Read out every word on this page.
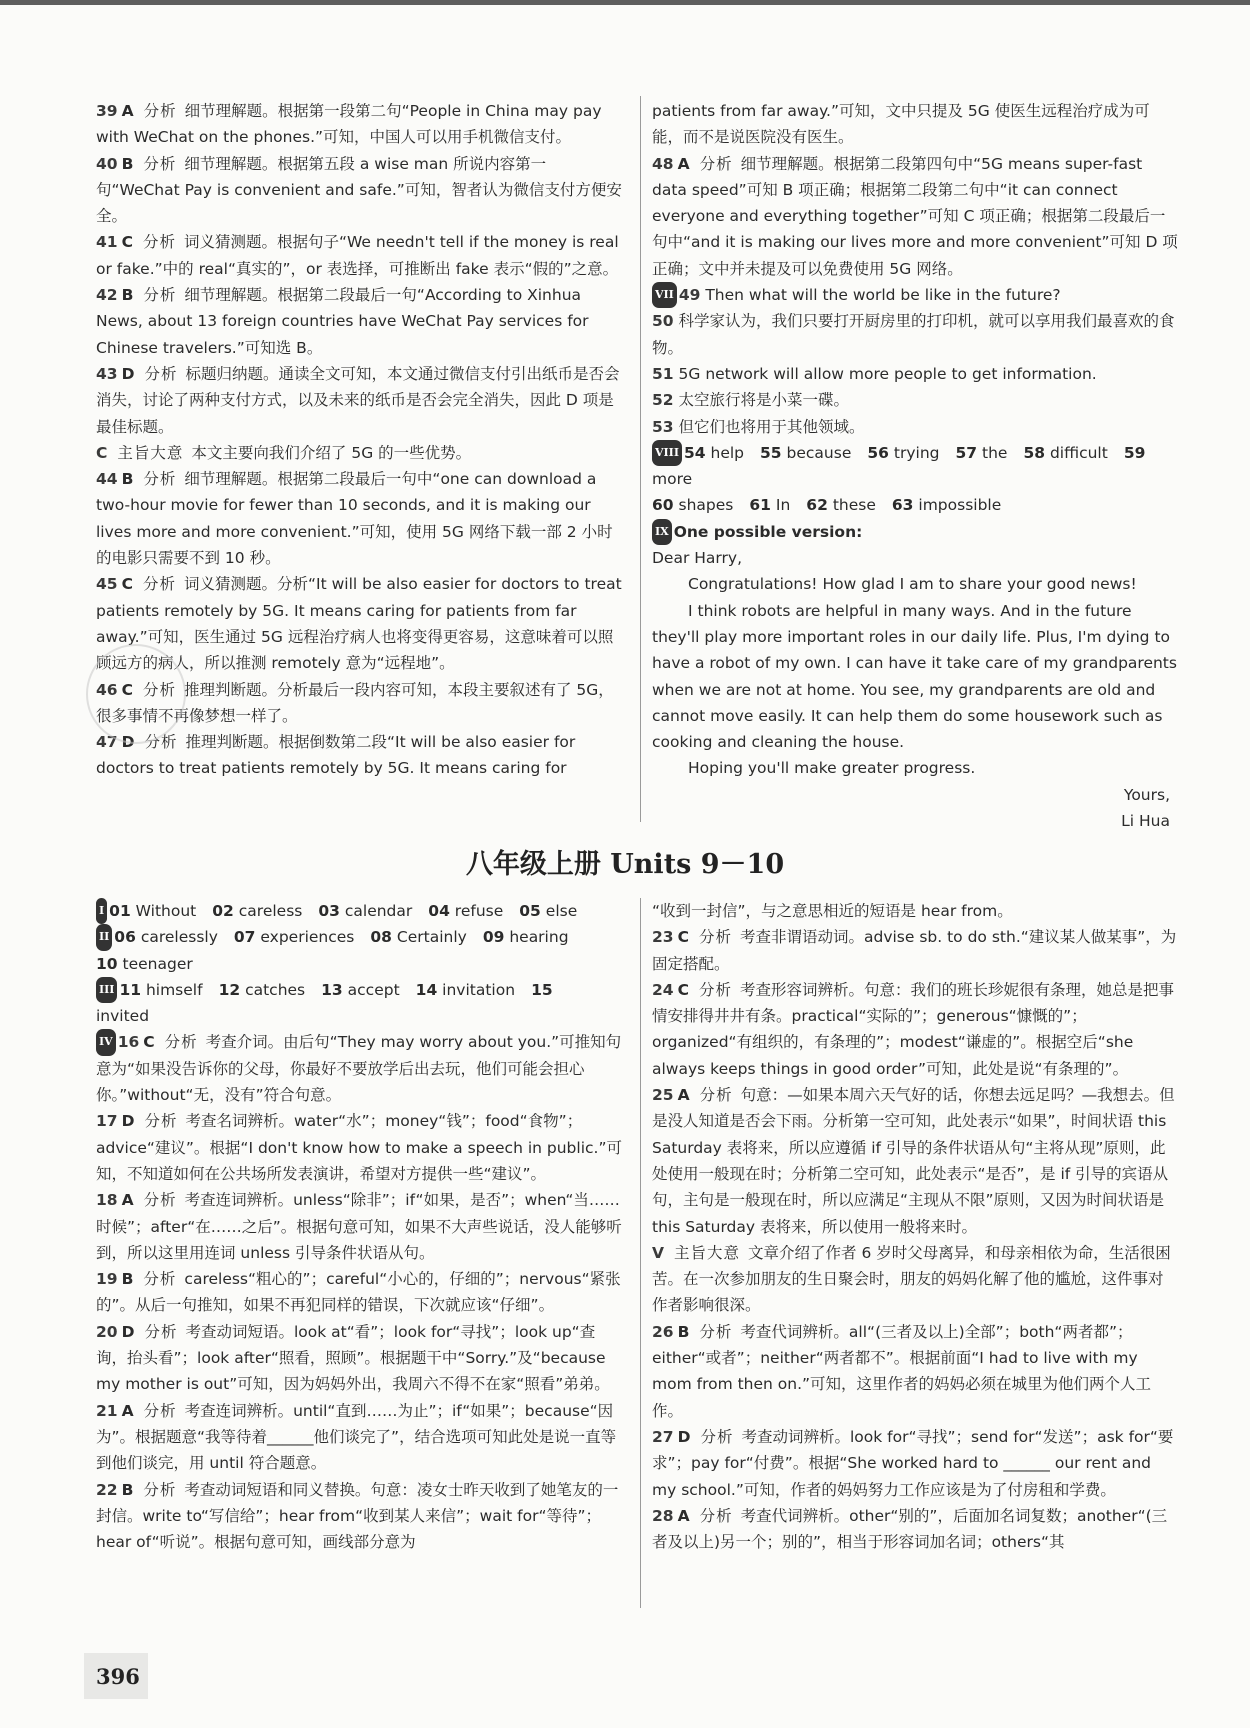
39 A 分析 细节理解题。根据第一段第二句“People in China may pay with WeChat on the phones.”可知，中国人可以用手机微信支付。

40 B 分析 细节理解题。根据第五段 a wise man 所说内容第一句“WeChat Pay is convenient and safe.”可知，智者认为微信支付方便安全。

41 C 分析 词义猜测题。根据句子“We needn't tell if the money is real or fake.”中的 real“真实的”，or 表选择，可推断出 fake 表示“假的”之意。

42 B 分析 细节理解题。根据第二段最后一句“According to Xinhua News, about 13 foreign countries have WeChat Pay services for Chinese travelers.”可知选 B。

43 D 分析 标题归纳题。通读全文可知，本文通过微信支付引出纸币是否会消失，讨论了两种支付方式，以及未来的纸币是否会完全消失，因此 D 项是最佳标题。

C 主旨大意 本文主要向我们介绍了 5G 的一些优势。

44 B 分析 细节理解题。根据第二段最后一句中“one can download a two-hour movie for fewer than 10 seconds, and it is making our lives more and more convenient.”可知，使用 5G 网络下载一部 2 小时的电影只需要不到 10 秒。

45 C 分析 词义猜测题。分析“It will be also easier for doctors to treat patients remotely by 5G. It means caring for patients from far away.”可知，医生通过 5G 远程治疗病人也将变得更容易，这意味着可以照顾远方的病人，所以推测 remotely 意为“远程地”。

46 C 分析 推理判断题。分析最后一段内容可知，本段主要叙述有了 5G，很多事情不再像梦想一样了。

47 D 分析 推理判断题。根据倒数第二段“It will be also easier for doctors to treat patients remotely by 5G. It means caring for

patients from far away.”可知，文中只提及 5G 使医生远程治疗成为可能，而不是说医院没有医生。

48 A 分析 细节理解题。根据第二段第四句中“5G means super-fast data speed”可知 B 项正确；根据第二段第二句中“it can connect everyone and everything together”可知 C 项正确；根据第二段最后一句中“and it is making our lives more and more convenient”可知 D 项正确；文中并未提及可以免费使用 5G 网络。

VII 49 Then what will the world be like in the future?

50 科学家认为，我们只要打开厨房里的打印机，就可以享用我们最喜欢的食物。

51 5G network will allow more people to get information.

52 太空旅行将是小菜一碟。

53 但它们也将用于其他领域。

VIII 54 help 55 because 56 trying 57 the 58 difficult 59 more

60 shapes 61 In 62 these 63 impossible

IX One possible version:

Dear Harry,

Congratulations! How glad I am to share your good news!

I think robots are helpful in many ways. And in the future they'll play more important roles in our daily life. Plus, I'm dying to have a robot of my own. I can have it take care of my grandparents when we are not at home. You see, my grandparents are old and cannot move easily. It can help them do some housework such as cooking and cleaning the house.

Hoping you'll make greater progress.

Yours,

Li Hua

八年级上册 Units 9－10

I 01 Without 02 careless 03 calendar 04 refuse 05 else

II 06 carelessly 07 experiences 08 Certainly 09 hearing

10 teenager

III 11 himself 12 catches 13 accept 14 invitation 15 invited

IV 16 C 分析 考查介词。由后句“They may worry about you.”可推知句意为“如果没告诉你的父母，你最好不要放学后出去玩，他们可能会担心你。”without“无，没有”符合句意。

17 D 分析 考查名词辨析。water“水”；money“钱”；food“食物”；advice“建议”。根据“I don't know how to make a speech in public.”可知，不知道如何在公共场所发表演讲，希望对方提供一些“建议”。

18 A 分析 考查连词辨析。unless“除非”；if“如果，是否”；when“当……时候”；after“在……之后”。根据句意可知，如果不大声些说话，没人能够听到，所以这里用连词 unless 引导条件状语从句。

19 B 分析 careless“粗心的”；careful“小心的，仔细的”；nervous“紧张的”。从后一句推知，如果不再犯同样的错误，下次就应该“仔细”。

20 D 分析 考查动词短语。look at“看”；look for“寻找”；look up“查询，抬头看”；look after“照看，照顾”。根据题干中“Sorry.”及“because my mother is out”可知，因为妈妈外出，我周六不得不在家“照看”弟弟。

21 A 分析 考查连词辨析。until“直到……为止”；if“如果”；because“因为”。根据题意“我等待着______他们谈完了”，结合选项可知此处是说一直等到他们谈完，用 until 符合题意。

22 B 分析 考查动词短语和同义替换。句意：凌女士昨天收到了她笔友的一封信。write to“写信给”；hear from“收到某人来信”；wait for“等待”；hear of“听说”。根据句意可知，画线部分意为

“收到一封信”，与之意思相近的短语是 hear from。

23 C 分析 考查非谓语动词。advise sb. to do sth.“建议某人做某事”，为固定搭配。

24 C 分析 考查形容词辨析。句意：我们的班长珍妮很有条理，她总是把事情安排得井井有条。practical“实际的”；generous“慷慨的”；organized“有组织的，有条理的”；modest“谦虚的”。根据空后“she always keeps things in good order”可知，此处是说“有条理的”。

25 A 分析 句意：—如果本周六天气好的话，你想去远足吗？—我想去。但是没人知道是否会下雨。分析第一空可知，此处表示“如果”，时间状语 this Saturday 表将来，所以应遵循 if 引导的条件状语从句“主将从现”原则，此处使用一般现在时；分析第二空可知，此处表示“是否”，是 if 引导的宾语从句，主句是一般现在时，所以应满足“主现从不限”原则，又因为时间状语是 this Saturday 表将来，所以使用一般将来时。

V 主旨大意 文章介绍了作者 6 岁时父母离异，和母亲相依为命，生活很困苦。在一次参加朋友的生日聚会时，朋友的妈妈化解了他的尴尬，这件事对作者影响很深。

26 B 分析 考查代词辨析。all“(三者及以上)全部”；both“两者都”；either“或者”；neither“两者都不”。根据前面“I had to live with my mom from then on.”可知，这里作者的妈妈必须在城里为他们两个人工作。

27 D 分析 考查动词辨析。look for“寻找”；send for“发送”；ask for“要求”；pay for“付费”。根据“She worked hard to ______ our rent and my school.”可知，作者的妈妈努力工作应该是为了付房租和学费。

28 A 分析 考查代词辨析。other“别的”，后面加名词复数；another“(三者及以上)另一个；别的”，相当于形容词加名词；others“其

396
